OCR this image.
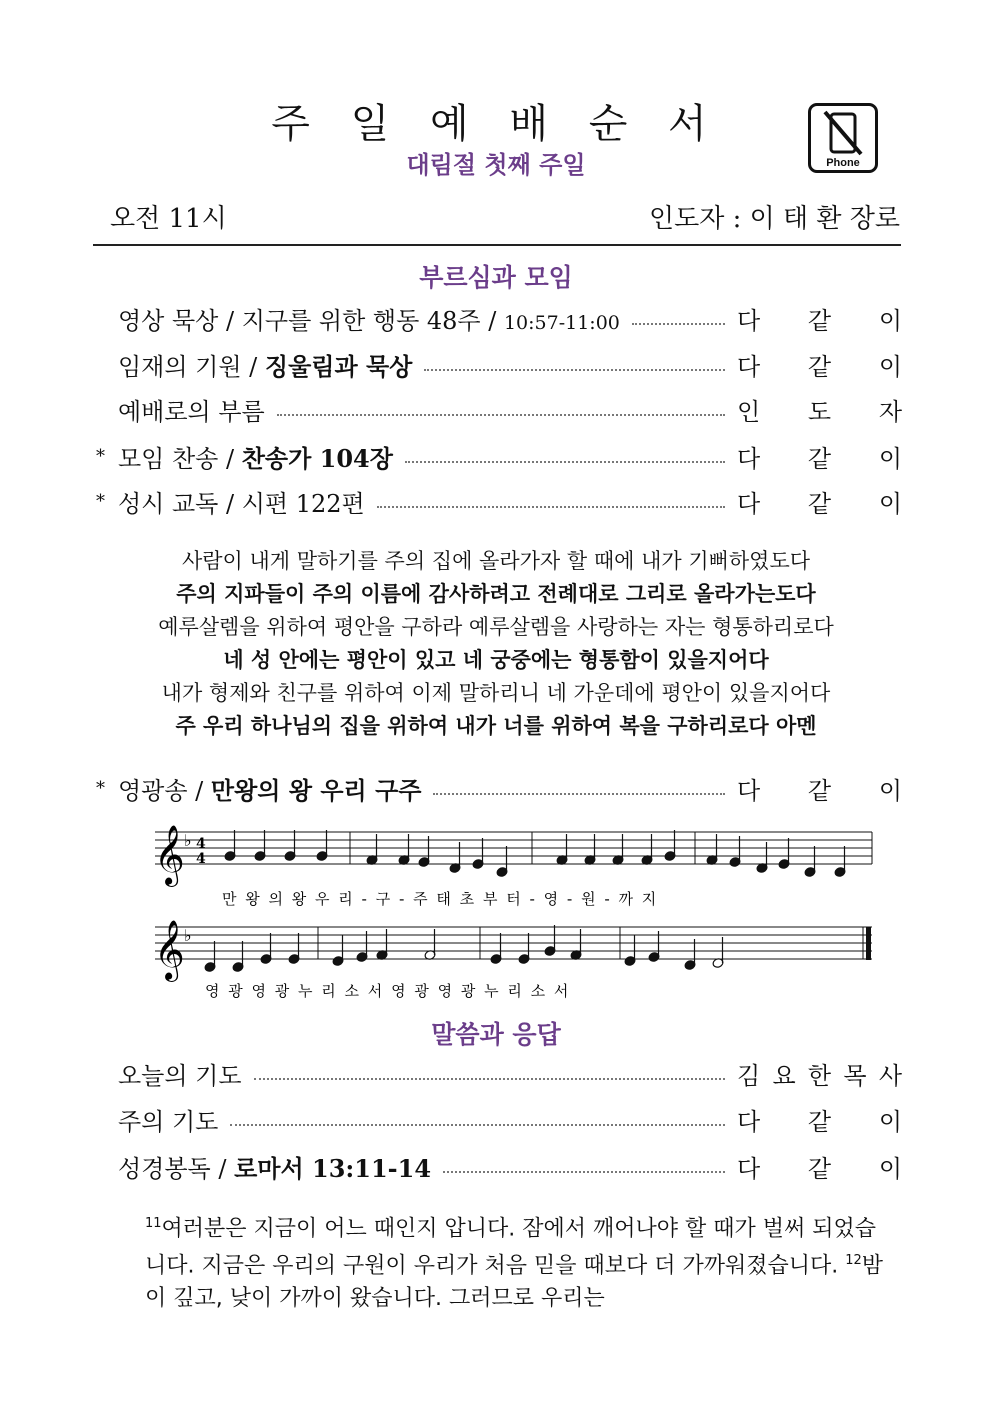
주 일 예 배 순 서
대림절 첫째 주일	Phone
오전 11시	인도자 : 이 태 환 장로
부르심과 모임
사람이 내게 말하기를 주의 집에 올라가자 할 때에 내가 기뻐하였도다
주의 지파들이 주의 이름에 감사하려고 전례대로 그리로 올라가는도다
예루살렘을 위하여 평안을 구하라 예루살렘을 사랑하는 자는 형통하리로다
네 성 안에는 평안이 있고 네 궁중에는 형통함이 있을지어다
내가 형제와 친구를 위하여 이제 말하리니 네 가운데에 평안이 있을지어다
주 우리 하나님의 집을 위하여 내가 너를 위하여 복을 구하리로다 아멘
* 영광송 / 만왕의 왕 우리 구주	다 같 이
𝄞
𝄞
♭
♭
4
4
만 왕 의 왕 우 리 - 구 - 주 태 초 부 터 - 영 - 원 - 까 지
영 광 영 광 누 리 소 서 영 광 영 광 누 리 소 서
말씀과 응답
$^{11}$여러분은 지금이 어느 때인지 압니다. 잠에서 깨어나야 할 때가 벌써 되었습니다. 지금은 우리의 구원이 우리가 처음 믿을 때보다 더 가까워졌습니다. $^{12}$밤이 깊고, 낮이 가까이 왔습니다. 그러므로 우리는
영상 묵상 / 지구를 위한 행동 48주 / 10:57-11:00	다 같 이
임재의 기원 / 징울림과 묵상	다 같 이
예배로의 부름	인 도 자
* 모임 찬송 / 찬송가 104장	다 같 이
* 성시 교독 / 시편 122편	다 같 이
오늘의 기도	김 요 한 목 사
주의 기도	다 같 이
성경봉독 / 로마서 13:11-14	다 같 이
